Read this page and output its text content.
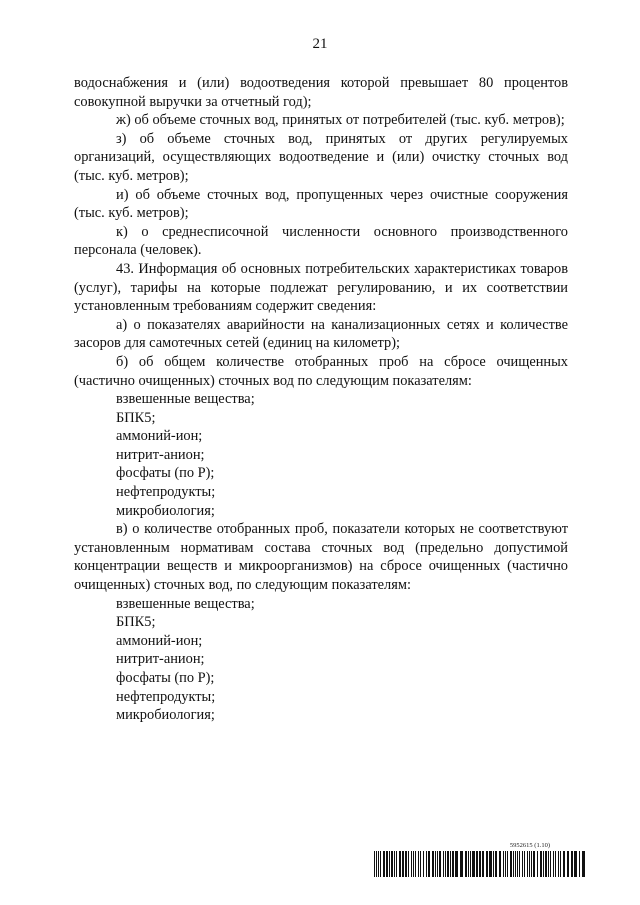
21

водоснабжения и (или) водоотведения которой превышает 80 процентов совокупной выручки за отчетный год);

ж) об объеме сточных вод, принятых от потребителей (тыс. куб. метров);

з) об объеме сточных вод, принятых от других регулируемых организаций, осуществляющих водоотведение и (или) очистку сточных вод (тыс. куб. метров);

и) об объеме сточных вод, пропущенных через очистные сооружения (тыс. куб. метров);

к) о среднесписочной численности основного производственного персонала (человек).

43. Информация об основных потребительских характеристиках товаров (услуг), тарифы на которые подлежат регулированию, и их соответствии установленным требованиям содержит сведения:

а) о показателях аварийности на канализационных сетях и количестве засоров для самотечных сетей (единиц на километр);

б) об общем количестве отобранных проб на сбросе очищенных (частично очищенных) сточных вод по следующим показателям:

взвешенные вещества;

БПК5;

аммоний-ион;

нитрит-анион;

фосфаты (по Р);

нефтепродукты;

микробиология;

в) о количестве отобранных проб, показатели которых не соответствуют установленным нормативам состава сточных вод (предельно допустимой концентрации веществ и микроорганизмов) на сбросе очищенных (частично очищенных) сточных вод, по следующим показателям:

взвешенные вещества;

БПК5;

аммоний-ион;

нитрит-анион;

фосфаты (по Р);

нефтепродукты;

микробиология;

5952615 (1.10)
